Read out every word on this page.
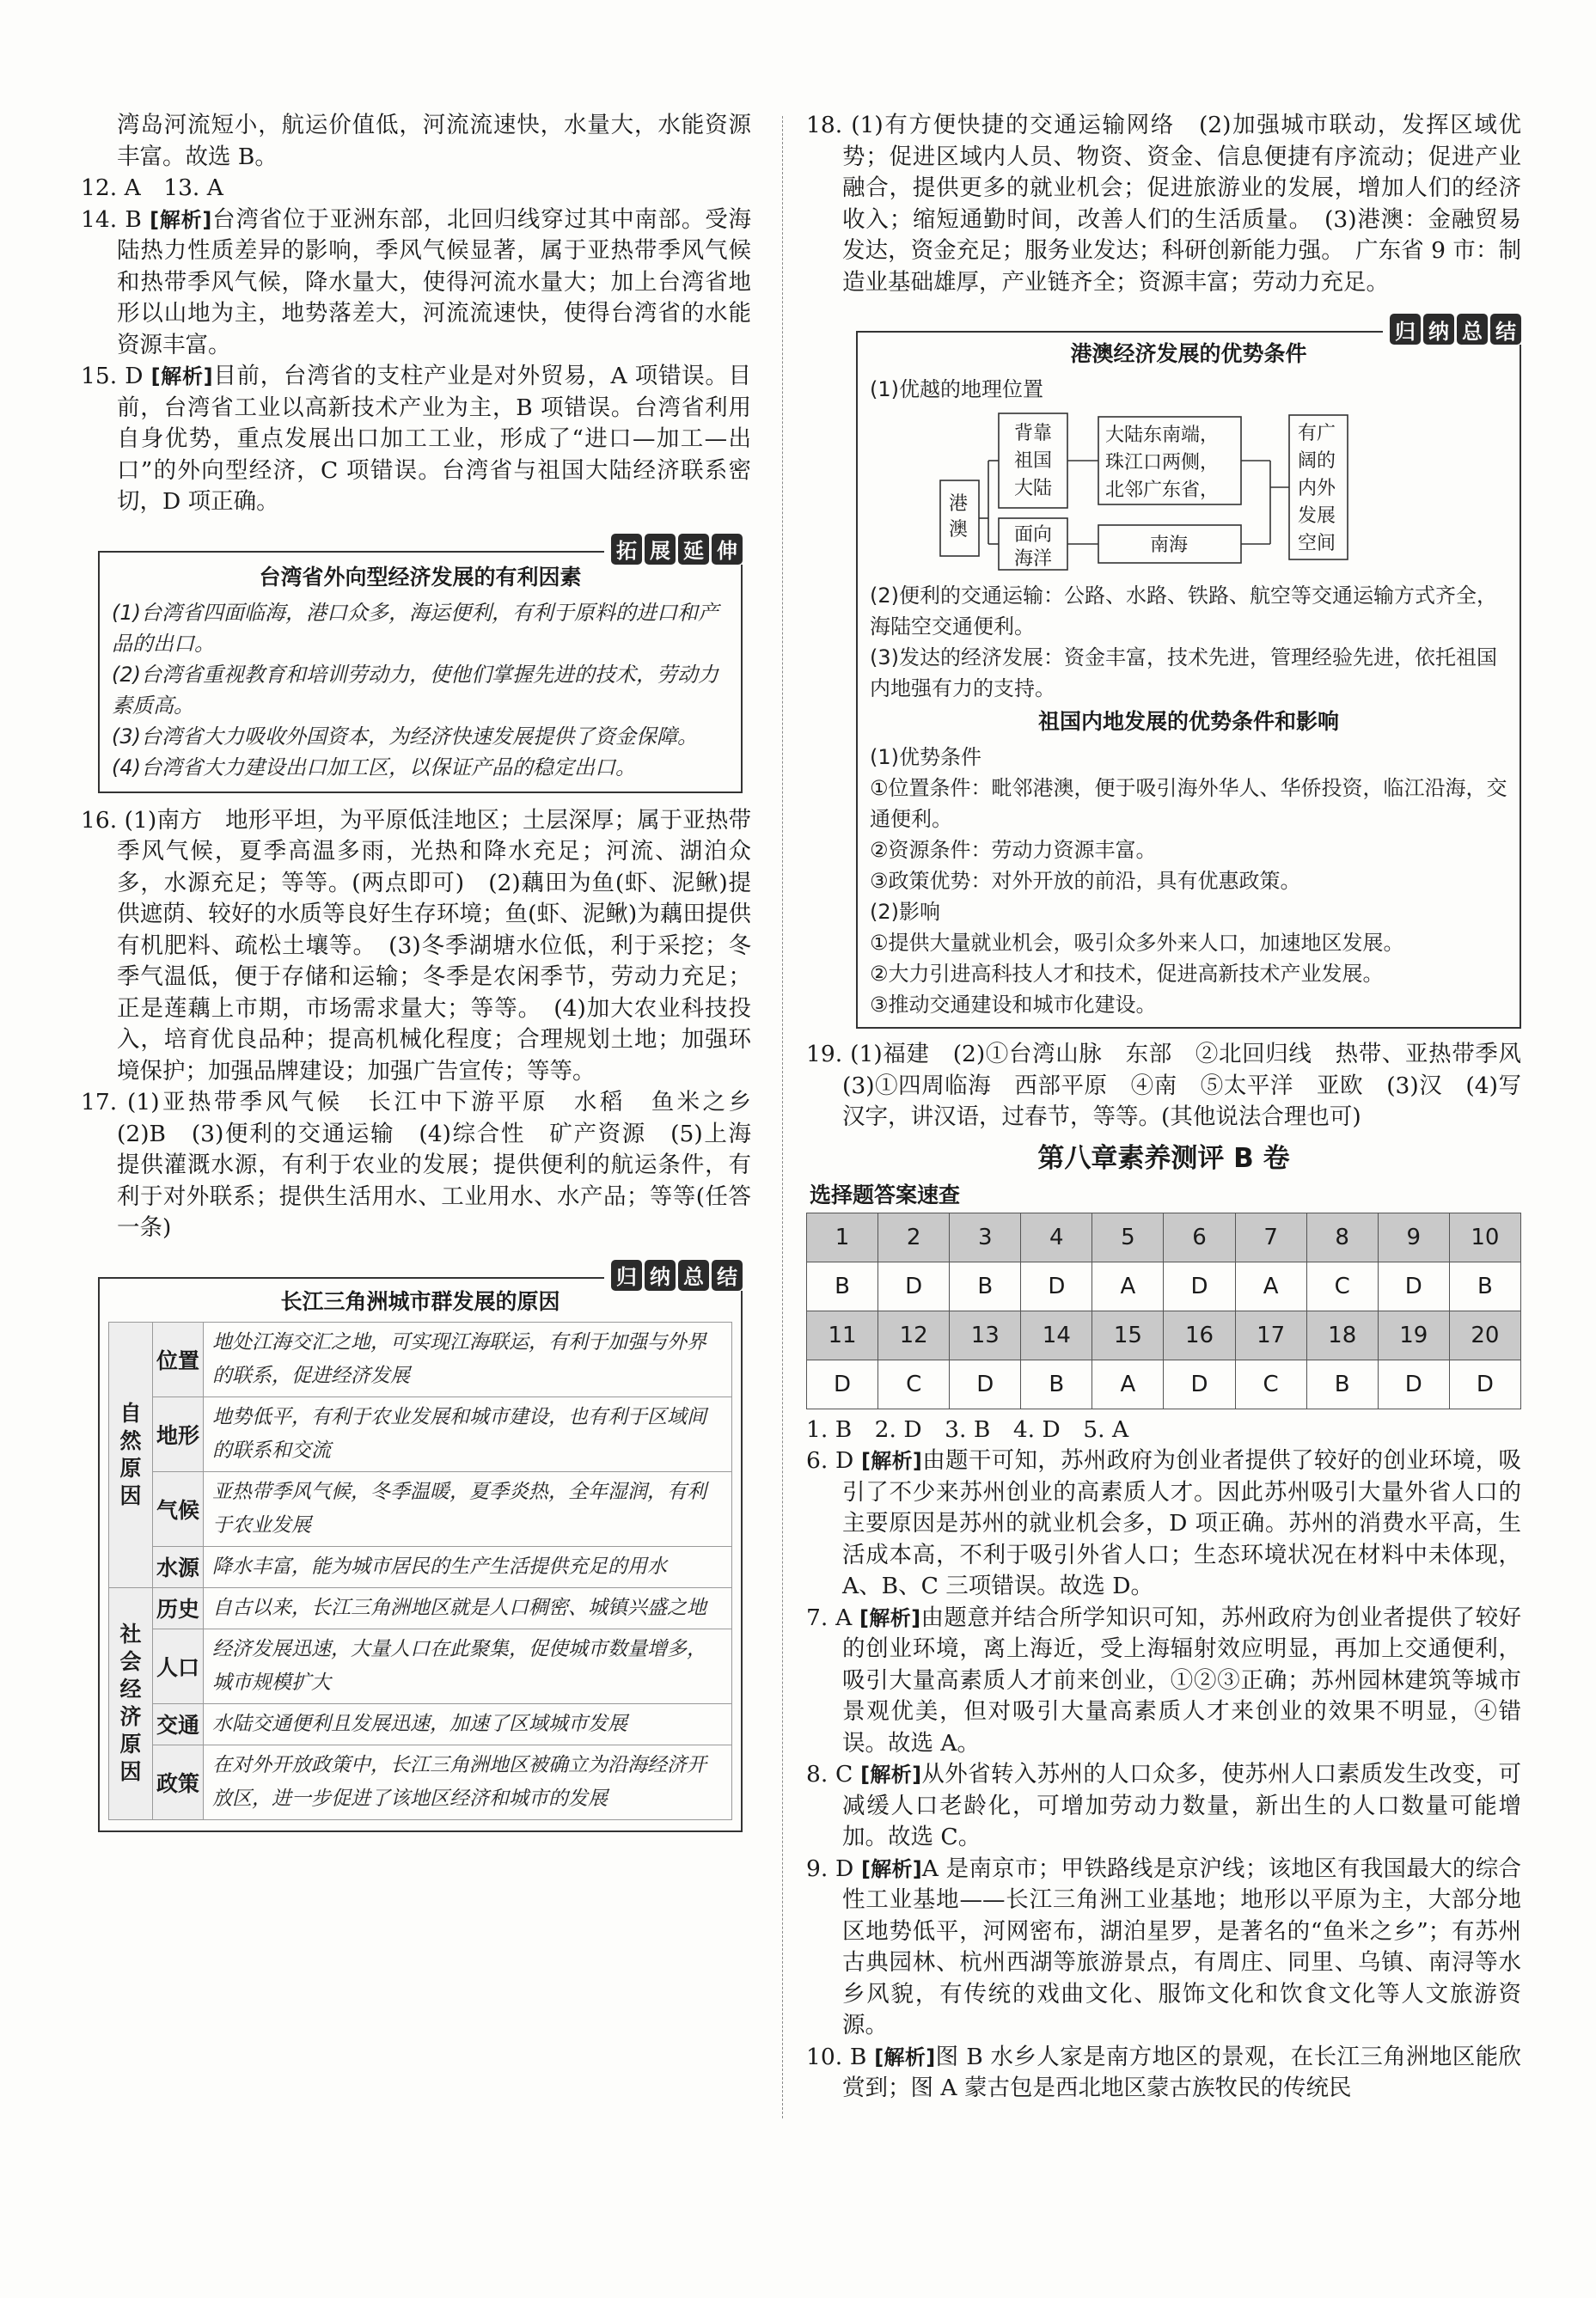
湾岛河流短小，航运价值低，河流流速快，水量大，水能资源丰富。故选 B。

12. A　13. A

14. B [解析]台湾省位于亚洲东部，北回归线穿过其中南部。受海陆热力性质差异的影响，季风气候显著，属于亚热带季风气候和热带季风气候，降水量大，使得河流水量大；加上台湾省地形以山地为主，地势落差大，河流流速快，使得台湾省的水能资源丰富。

15. D [解析]目前，台湾省的支柱产业是对外贸易，A 项错误。目前，台湾省工业以高新技术产业为主，B 项错误。台湾省利用自身优势，重点发展出口加工工业，形成了“进口—加工—出口”的外向型经济，C 项错误。台湾省与祖国大陆经济联系密切，D 项正确。

拓 展 延 伸
台湾省外向型经济发展的有利因素

(1)台湾省四面临海，港口众多，海运便利，有利于原料的进口和产品的出口。

(2)台湾省重视教育和培训劳动力，使他们掌握先进的技术，劳动力素质高。

(3)台湾省大力吸收外国资本，为经济快速发展提供了资金保障。

(4)台湾省大力建设出口加工区，以保证产品的稳定出口。

16. (1)南方　地形平坦，为平原低洼地区；土层深厚；属于亚热带季风气候，夏季高温多雨，光热和降水充足；河流、湖泊众多，水源充足；等等。(两点即可)　(2)藕田为鱼(虾、泥鳅)提供遮荫、较好的水质等良好生存环境；鱼(虾、泥鳅)为藕田提供有机肥料、疏松土壤等。　(3)冬季湖塘水位低，利于采挖；冬季气温低，便于存储和运输；冬季是农闲季节，劳动力充足；正是莲藕上市期，市场需求量大；等等。　(4)加大农业科技投入，培育优良品种；提高机械化程度；合理规划土地；加强环境保护；加强品牌建设；加强广告宣传；等等。

17. (1)亚热带季风气候　长江中下游平原　水稻　鱼米之乡　(2)B　(3)便利的交通运输　(4)综合性　矿产资源　(5)上海　提供灌溉水源，有利于农业的发展；提供便利的航运条件，有利于对外联系；提供生活用水、工业用水、水产品；等等(任答一条)

归 纳 总 结
长江三角洲城市群发展的原因
自然原因	位置	地处江海交汇之地，可实现江海联运，有利于加强与外界的联系，促进经济发展
	地形	地势低平，有利于农业发展和城市建设，也有利于区域间的联系和交流
	气候	亚热带季风气候，冬季温暖，夏季炎热，全年湿润，有利于农业发展
	水源	降水丰富，能为城市居民的生产生活提供充足的用水
社会经济原因	历史	自古以来，长江三角洲地区就是人口稠密、城镇兴盛之地
	人口	经济发展迅速，大量人口在此聚集，促使城市数量增多，城市规模扩大
	交通	水陆交通便利且发展迅速，加速了区域城市发展
	政策	在对外开放政策中，长江三角洲地区被确立为沿海经济开放区，进一步促进了该地区经济和城市的发展

18. (1)有方便快捷的交通运输网络　(2)加强城市联动，发挥区域优势；促进区域内人员、物资、资金、信息便捷有序流动；促进产业融合，提供更多的就业机会；促进旅游业的发展，增加人们的经济收入；缩短通勤时间，改善人们的生活质量。　(3)港澳：金融贸易发达，资金充足；服务业发达；科研创新能力强。　广东省 9 市：制造业基础雄厚，产业链齐全；资源丰富；劳动力充足。

归 纳 总 结
港澳经济发展的优势条件
(1)优越的地理位置
港
澳
背靠
祖国
大陆
面向
海洋
大陆东南端，
珠江口两侧，
北邻广东省，
南海
有广
阔的
内外
发展
空间

(2)便利的交通运输：公路、水路、铁路、航空等交通运输方式齐全，海陆空交通便利。

(3)发达的经济发展：资金丰富，技术先进，管理经验先进，依托祖国内地强有力的支持。

祖国内地发展的优势条件和影响

(1)优势条件

①位置条件：毗邻港澳，便于吸引海外华人、华侨投资，临江沿海，交通便利。

②资源条件：劳动力资源丰富。

③政策优势：对外开放的前沿，具有优惠政策。

(2)影响

①提供大量就业机会，吸引众多外来人口，加速地区发展。

②大力引进高科技人才和技术，促进高新技术产业发展。

③推动交通建设和城市化建设。

19. (1)福建　(2)①台湾山脉　东部　②北回归线　热带、亚热带季风　(3)①四周临海　西部平原　④南　⑤太平洋　亚欧　(3)汉　(4)写汉字，讲汉语，过春节，等等。(其他说法合理也可)

第八章素养测评 B 卷
选择题答案速查
1	2	3	4	5	6	7	8	9	10
B	D	B	D	A	D	A	C	D	B
11	12	13	14	15	16	17	18	19	20
D	C	D	B	A	D	C	B	D	D

1. B　2. D　3. B　4. D　5. A

6. D [解析]由题干可知，苏州政府为创业者提供了较好的创业环境，吸引了不少来苏州创业的高素质人才。因此苏州吸引大量外省人口的主要原因是苏州的就业机会多，D 项正确。苏州的消费水平高，生活成本高，不利于吸引外省人口；生态环境状况在材料中未体现，A、B、C 三项错误。故选 D。

7. A [解析]由题意并结合所学知识可知，苏州政府为创业者提供了较好的创业环境，离上海近，受上海辐射效应明显，再加上交通便利，吸引大量高素质人才前来创业，①②③正确；苏州园林建筑等城市景观优美，但对吸引大量高素质人才来创业的效果不明显，④错误。故选 A。

8. C [解析]从外省转入苏州的人口众多，使苏州人口素质发生改变，可减缓人口老龄化，可增加劳动力数量，新出生的人口数量可能增加。故选 C。

9. D [解析]A 是南京市；甲铁路线是京沪线；该地区有我国最大的综合性工业基地——长江三角洲工业基地；地形以平原为主，大部分地区地势低平，河网密布，湖泊星罗，是著名的“鱼米之乡”；有苏州古典园林、杭州西湖等旅游景点，有周庄、同里、乌镇、南浔等水乡风貌，有传统的戏曲文化、服饰文化和饮食文化等人文旅游资源。

10. B [解析]图 B 水乡人家是南方地区的景观，在长江三角洲地区能欣赏到；图 A 蒙古包是西北地区蒙古族牧民的传统民
